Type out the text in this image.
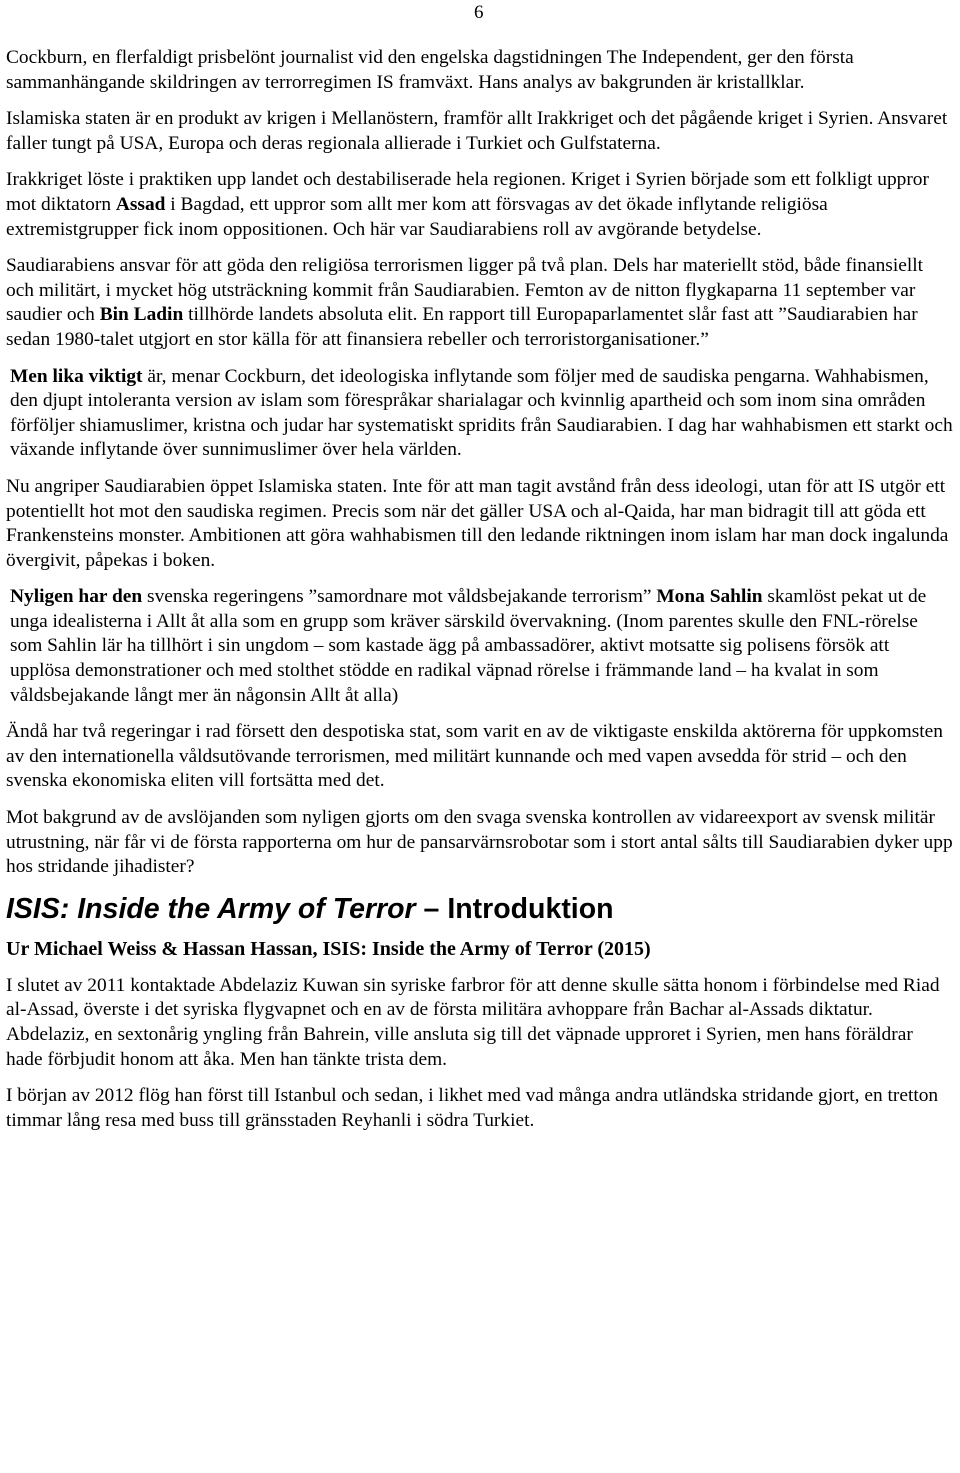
6

Cockburn, en flerfaldigt prisbelönt journalist vid den engelska dagstidningen The Independent, ger den första sammanhängande skildringen av terrorregimen IS framväxt. Hans analys av bakgrunden är kristallklar.

Islamiska staten är en produkt av krigen i Mellanöstern, framför allt Irakkriget och det pågående kriget i Syrien. Ansvaret faller tungt på USA, Europa och deras regionala allierade i Turkiet och Gulfstaterna.

Irakkriget löste i praktiken upp landet och destabiliserade hela regionen. Kriget i Syrien började som ett folkligt uppror mot diktatorn Assad i Bagdad, ett uppror som allt mer kom att försvagas av det ökade inflytande religiösa extremistgrupper fick inom oppositionen. Och här var Saudiarabiens roll av avgörande betydelse.

Saudiarabiens ansvar för att göda den religiösa terrorismen ligger på två plan. Dels har materiellt stöd, både finansiellt och militärt, i mycket hög utsträckning kommit från Saudiarabien. Femton av de nitton flygkaparna 11 september var saudier och Bin Ladin tillhörde landets absoluta elit. En rapport till Europaparlamentet slår fast att ”Saudiarabien har sedan 1980-talet utgjort en stor källa för att finansiera rebeller och terroristorganisationer.”

Men lika viktigt är, menar Cockburn, det ideologiska inflytande som följer med de saudiska pengarna. Wahhabismen, den djupt intoleranta version av islam som förespråkar sharialagar och kvinnlig apartheid och som inom sina områden förföljer shiamuslimer, kristna och judar har systematiskt spridits från Saudiarabien. I dag har wahhabismen ett starkt och växande inflytande över sunnimuslimer över hela världen.

Nu angriper Saudiarabien öppet Islamiska staten. Inte för att man tagit avstånd från dess ideologi, utan för att IS utgör ett potentiellt hot mot den saudiska regimen. Precis som när det gäller USA och al-Qaida, har man bidragit till att göda ett Frankensteins monster. Ambitionen att göra wahhabismen till den ledande riktningen inom islam har man dock ingalunda övergivit, påpekas i boken.

Nyligen har den svenska regeringens ”samordnare mot våldsbejakande terrorism” Mona Sahlin skamlöst pekat ut de unga idealisterna i Allt åt alla som en grupp som kräver särskild övervakning. (Inom parentes skulle den FNL-rörelse som Sahlin lär ha tillhört i sin ungdom – som kastade ägg på ambassadörer, aktivt motsatte sig polisens försök att upplösa demonstrationer och med stolthet stödde en radikal väpnad rörelse i främmande land – ha kvalat in som våldsbejakande långt mer än någonsin Allt åt alla)

Ändå har två regeringar i rad försett den despotiska stat, som varit en av de viktigaste enskilda aktörerna för uppkomsten av den internationella våldsutövande terrorismen, med militärt kunnande och med vapen avsedda för strid – och den svenska ekonomiska eliten vill fortsätta med det.

Mot bakgrund av de avslöjanden som nyligen gjorts om den svaga svenska kontrollen av vidareexport av svensk militär utrustning, när får vi de första rapporterna om hur de pansarvärnsrobotar som i stort antal sålts till Saudiarabien dyker upp hos stridande jihadister?

ISIS: Inside the Army of Terror – Introduktion
Ur Michael Weiss & Hassan Hassan, ISIS: Inside the Army of Terror (2015)

I slutet av 2011 kontaktade Abdelaziz Kuwan sin syriske farbror för att denne skulle sätta honom i förbindelse med Riad al-Assad, överste i det syriska flygvapnet och en av de första militära avhoppare från Bachar al-Assads diktatur. Abdelaziz, en sextonårig yngling från Bahrein, ville ansluta sig till det väpnade upproret i Syrien, men hans föräldrar hade förbjudit honom att åka. Men han tänkte trista dem.

I början av 2012 flög han först till Istanbul och sedan, i likhet med vad många andra utländska stridande gjort, en tretton timmar lång resa med buss till gränsstaden Reyhanli i södra Turkiet.
